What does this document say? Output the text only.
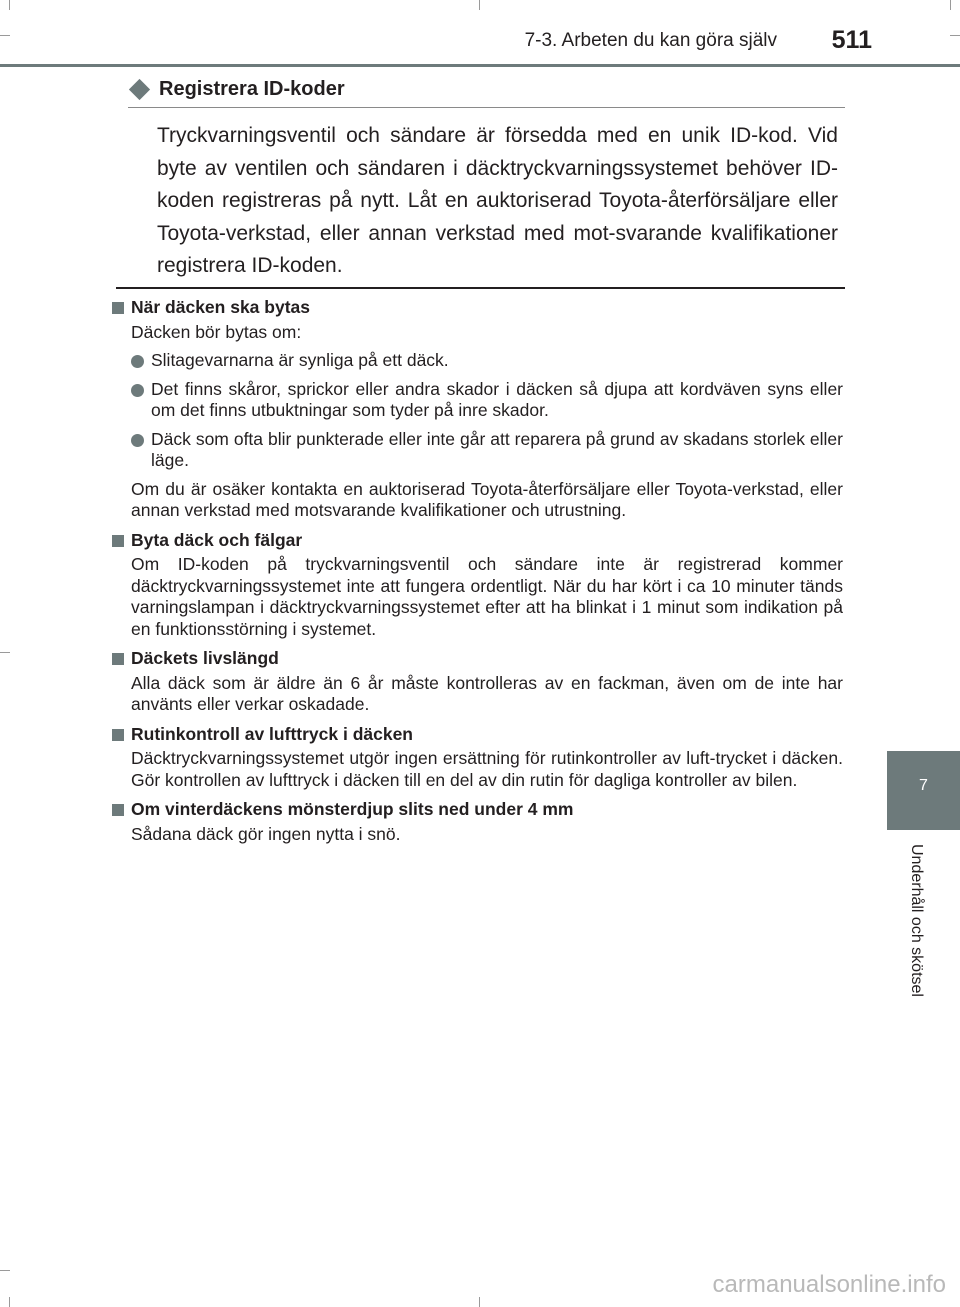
7-3. Arbeten du kan göra själv 511
7
Underhåll och skötsel
Registrera ID-koder
Tryckvarningsventil och sändare är försedda med en unik ID-kod. Vid byte av ventilen och sändaren i däcktryckvarningssystemet behöver ID-koden registreras på nytt. Låt en auktoriserad Toyota-återförsäljare eller Toyota-verkstad, eller annan verkstad med mot-svarande kvalifikationer registrera ID-koden.
När däcken ska bytas
Däcken bör bytas om:
Slitagevarnarna är synliga på ett däck.
Det finns skåror, sprickor eller andra skador i däcken så djupa att kordväven syns eller om det finns utbuktningar som tyder på inre skador.
Däck som ofta blir punkterade eller inte går att reparera på grund av skadans storlek eller läge.
Om du är osäker kontakta en auktoriserad Toyota-återförsäljare eller Toyota-verkstad, eller annan verkstad med motsvarande kvalifikationer och utrustning.
Byta däck och fälgar
Om ID-koden på tryckvarningsventil och sändare inte är registrerad kommer däcktryckvarningssystemet inte att fungera ordentligt. När du har kört i ca 10 minuter tänds varningslampan i däcktryckvarningssystemet efter att ha blinkat i 1 minut som indikation på en funktionsstörning i systemet.
Däckets livslängd
Alla däck som är äldre än 6 år måste kontrolleras av en fackman, även om de inte har använts eller verkar oskadade.
Rutinkontroll av lufttryck i däcken
Däcktryckvarningssystemet utgör ingen ersättning för rutinkontroller av luft-trycket i däcken. Gör kontrollen av lufttryck i däcken till en del av din rutin för dagliga kontroller av bilen.
Om vinterdäckens mönsterdjup slits ned under 4 mm
Sådana däck gör ingen nytta i snö.
carmanualsonline.info
